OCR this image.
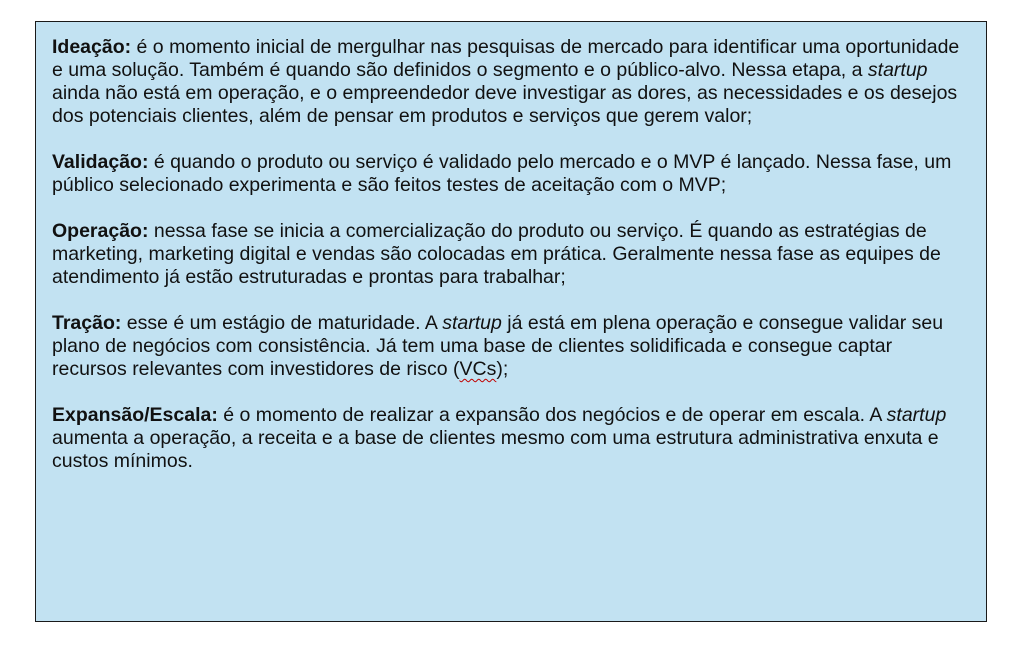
Ideação: é o momento inicial de mergulhar nas pesquisas de mercado para identificar uma oportunidade e uma solução. Também é quando são definidos o segmento e o público-alvo. Nessa etapa, a startup ainda não está em operação, e o empreendedor deve investigar as dores, as necessidades e os desejos dos potenciais clientes, além de pensar em produtos e serviços que gerem valor;

Validação: é quando o produto ou serviço é validado pelo mercado e o MVP é lançado. Nessa fase, um público selecionado experimenta e são feitos testes de aceitação com o MVP;

Operação: nessa fase se inicia a comercialização do produto ou serviço. É quando as estratégias de marketing, marketing digital e vendas são colocadas em prática. Geralmente nessa fase as equipes de atendimento já estão estruturadas e prontas para trabalhar;

Tração: esse é um estágio de maturidade. A startup já está em plena operação e consegue validar seu plano de negócios com consistência. Já tem uma base de clientes solidificada e consegue captar recursos relevantes com investidores de risco (VCs);

Expansão/Escala: é o momento de realizar a expansão dos negócios e de operar em escala. A startup aumenta a operação, a receita e a base de clientes mesmo com uma estrutura administrativa enxuta e custos mínimos.
